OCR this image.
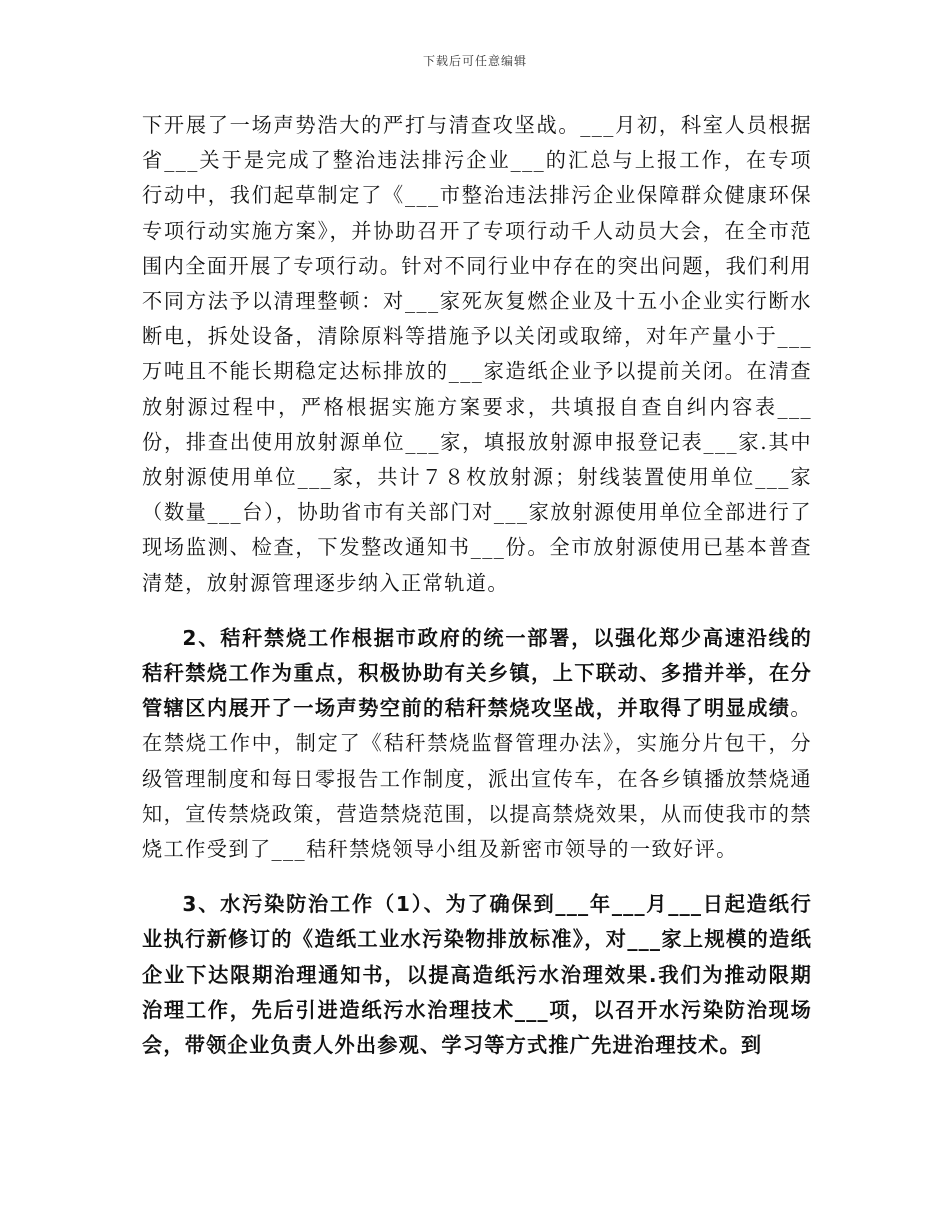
下载后可任意编辑

下开展了一场声势浩大的严打与清查攻坚战。___月初，科室人员根据省___关于是完成了整治违法排污企业___的汇总与上报工作，在专项行动中，我们起草制定了《___市整治违法排污企业保障群众健康环保专项行动实施方案》，并协助召开了专项行动千人动员大会，在全市范围内全面开展了专项行动。针对不同行业中存在的突出问题，我们利用不同方法予以清理整顿：对___家死灰复燃企业及十五小企业实行断水断电，拆处设备，清除原料等措施予以关闭或取缔，对年产量小于___万吨且不能长期稳定达标排放的___家造纸企业予以提前关闭。在清查放射源过程中，严格根据实施方案要求，共填报自查自纠内容表___份，排查出使用放射源单位___家，填报放射源申报登记表___家.其中放射源使用单位___家，共计７８枚放射源；射线装置使用单位___家（数量___台），协助省市有关部门对___家放射源使用单位全部进行了现场监测、检查，下发整改通知书___份。全市放射源使用已基本普查清楚，放射源管理逐步纳入正常轨道。

2、秸秆禁烧工作根据市政府的统一部署，以强化郑少高速沿线的秸秆禁烧工作为重点，积极协助有关乡镇，上下联动、多措并举，在分管辖区内展开了一场声势空前的秸秆禁烧攻坚战，并取得了明显成绩。在禁烧工作中，制定了《秸秆禁烧监督管理办法》，实施分片包干，分级管理制度和每日零报告工作制度，派出宣传车，在各乡镇播放禁烧通知，宣传禁烧政策，营造禁烧范围，以提高禁烧效果，从而使我市的禁烧工作受到了___秸秆禁烧领导小组及新密市领导的一致好评。

3、水污染防治工作（1）、为了确保到___年___月___日起造纸行业执行新修订的《造纸工业水污染物排放标准》，对___家上规模的造纸企业下达限期治理通知书，以提高造纸污水治理效果.我们为推动限期治理工作，先后引进造纸污水治理技术___项，以召开水污染防治现场会，带领企业负责人外出参观、学习等方式推广先进治理技术。到
